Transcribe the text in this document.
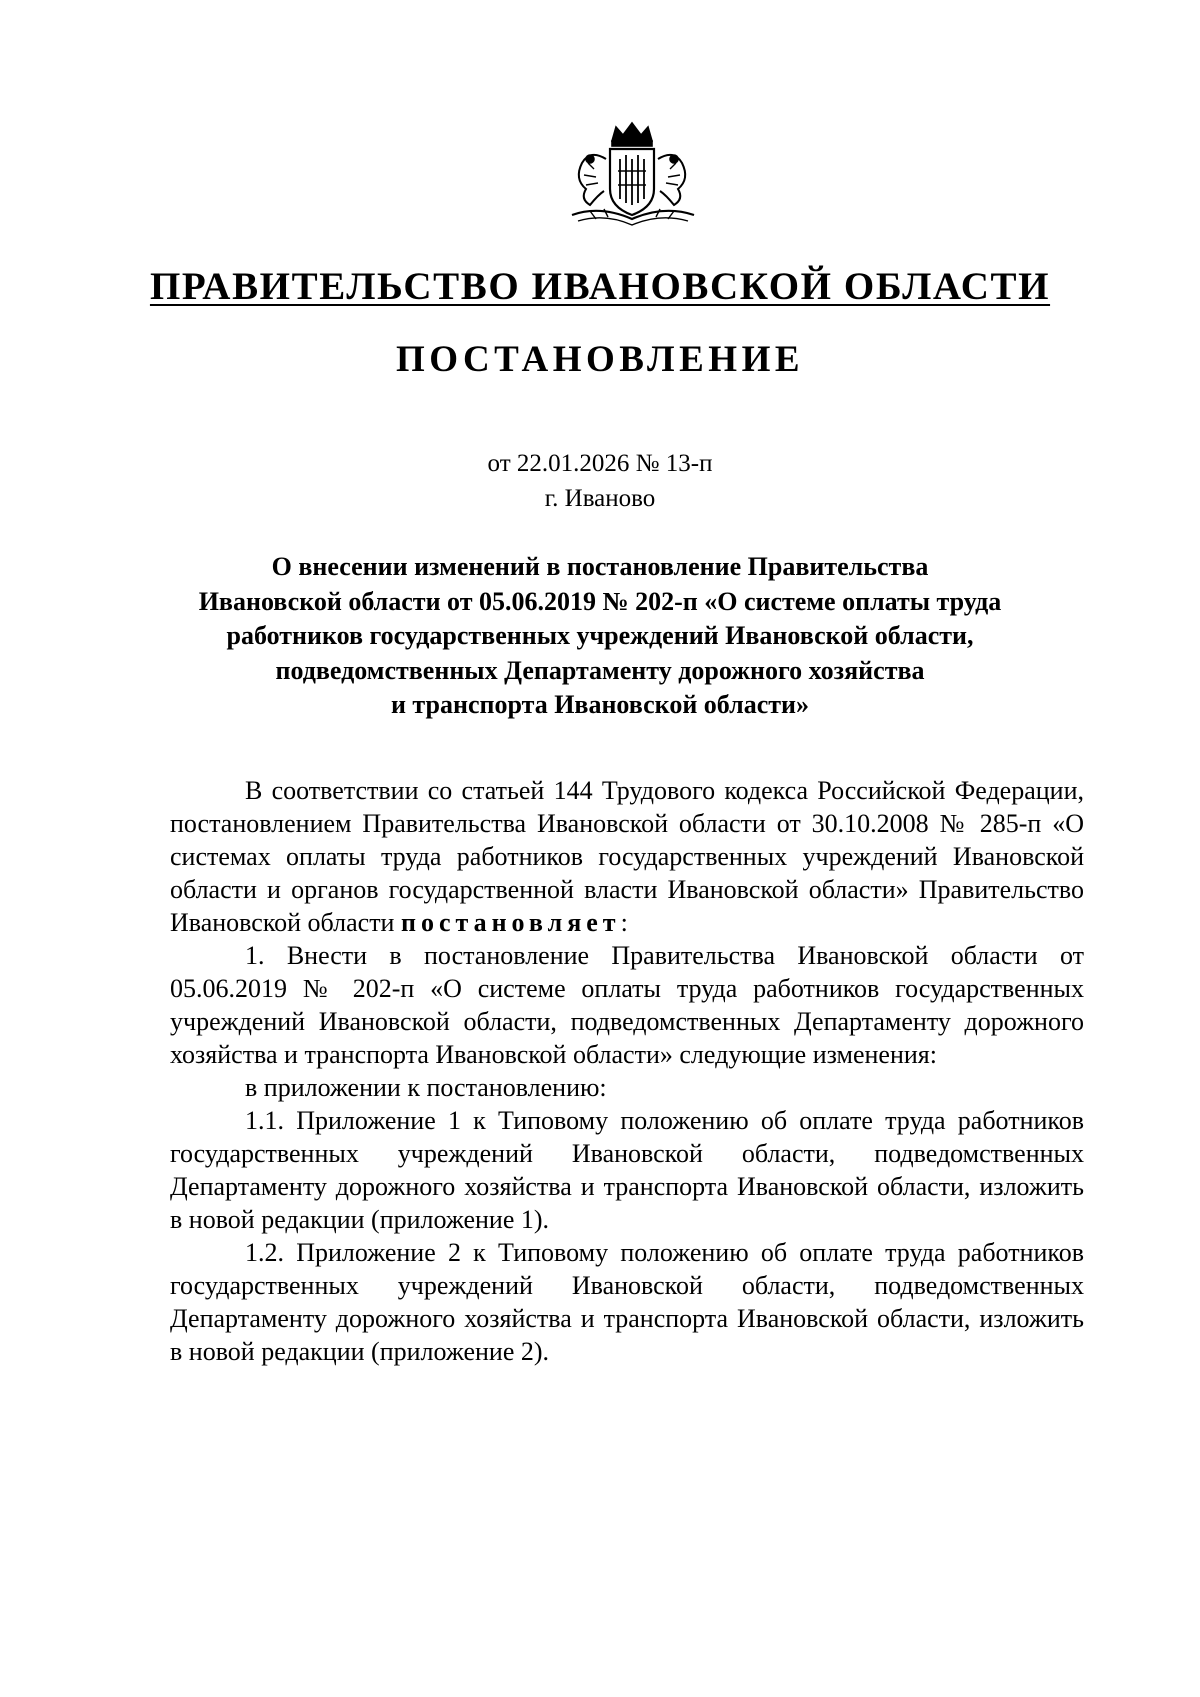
ПРАВИТЕЛЬСТВО ИВАНОВСКОЙ ОБЛАСТИ
ПОСТАНОВЛЕНИЕ
от 22.01.2026 № 13-п
г. Иваново
О внесении изменений в постановление Правительства
Ивановской области от 05.06.2019 № 202-п «О системе оплаты труда
работников государственных учреждений Ивановской области,
подведомственных Департаменту дорожного хозяйства
и транспорта Ивановской области»

В соответствии со статьей 144 Трудового кодекса Российской Федерации, постановлением Правительства Ивановской области от 30.10.2008 № 285-п «О системах оплаты труда работников государственных учреждений Ивановской области и органов государственной власти Ивановской области» Правительство Ивановской области постановляет:

1. Внести в постановление Правительства Ивановской области от 05.06.2019 № 202-п «О системе оплаты труда работников государственных учреждений Ивановской области, подведомственных Департаменту дорожного хозяйства и транспорта Ивановской области» следующие изменения:

в приложении к постановлению:

1.1. Приложение 1 к Типовому положению об оплате труда работников государственных учреждений Ивановской области, подведомственных Департаменту дорожного хозяйства и транспорта Ивановской области, изложить в новой редакции (приложение 1).

1.2. Приложение 2 к Типовому положению об оплате труда работников государственных учреждений Ивановской области, подведомственных Департаменту дорожного хозяйства и транспорта Ивановской области, изложить в новой редакции (приложение 2).
